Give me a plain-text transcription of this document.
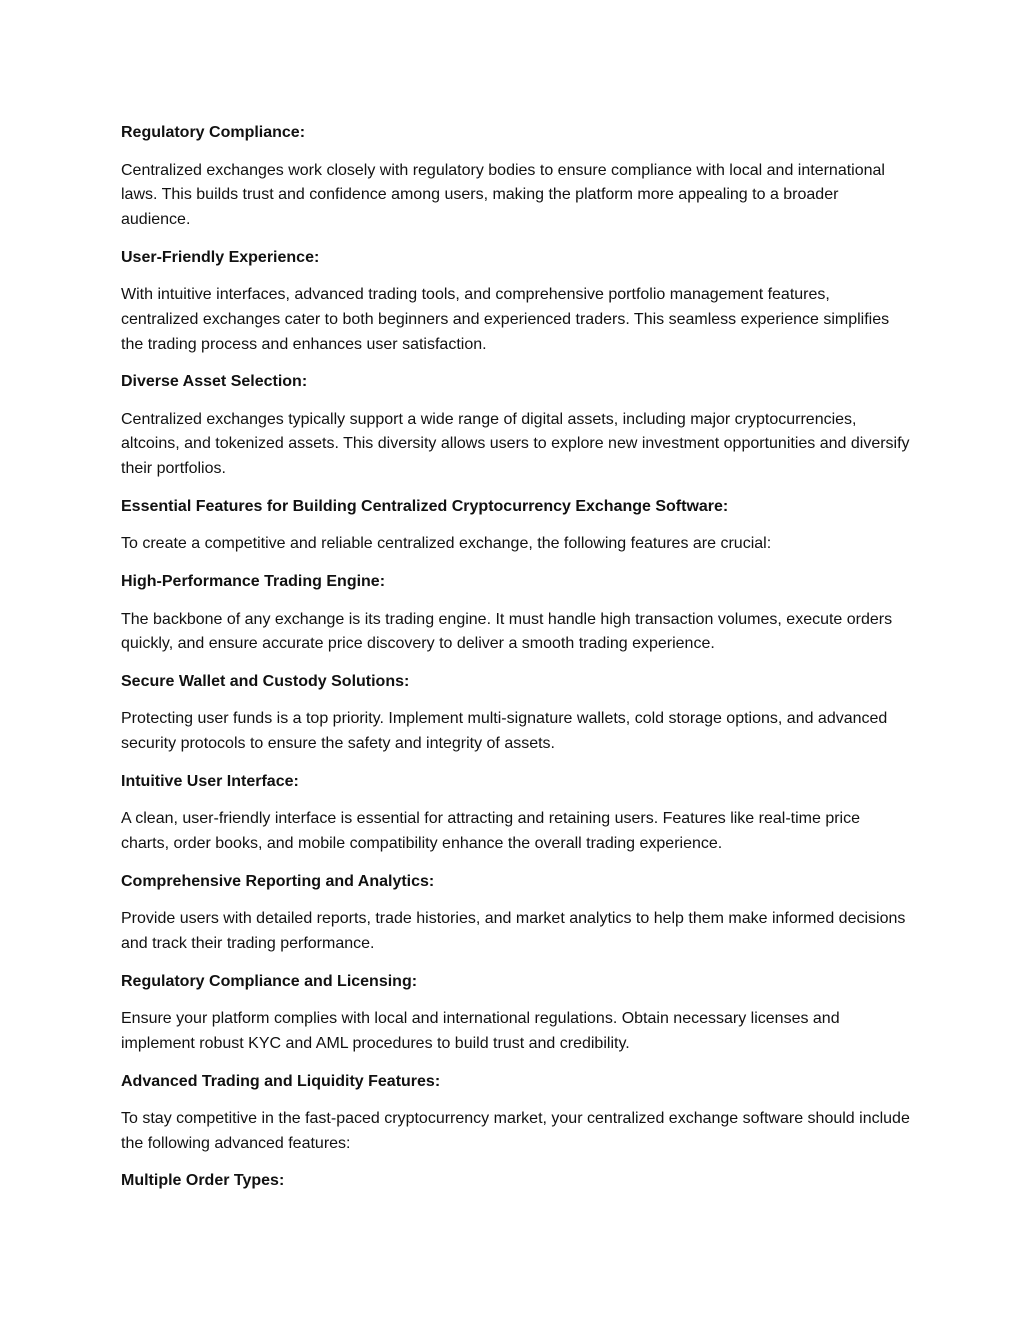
Regulatory Compliance:
Centralized exchanges work closely with regulatory bodies to ensure compliance with local and international laws. This builds trust and confidence among users, making the platform more appealing to a broader audience.
User-Friendly Experience:
With intuitive interfaces, advanced trading tools, and comprehensive portfolio management features, centralized exchanges cater to both beginners and experienced traders. This seamless experience simplifies the trading process and enhances user satisfaction.
Diverse Asset Selection:
Centralized exchanges typically support a wide range of digital assets, including major cryptocurrencies, altcoins, and tokenized assets. This diversity allows users to explore new investment opportunities and diversify their portfolios.
Essential Features for Building Centralized Cryptocurrency Exchange Software:
To create a competitive and reliable centralized exchange, the following features are crucial:
High-Performance Trading Engine:
The backbone of any exchange is its trading engine. It must handle high transaction volumes, execute orders quickly, and ensure accurate price discovery to deliver a smooth trading experience.
Secure Wallet and Custody Solutions:
Protecting user funds is a top priority. Implement multi-signature wallets, cold storage options, and advanced security protocols to ensure the safety and integrity of assets.
Intuitive User Interface:
A clean, user-friendly interface is essential for attracting and retaining users. Features like real-time price charts, order books, and mobile compatibility enhance the overall trading experience.
Comprehensive Reporting and Analytics:
Provide users with detailed reports, trade histories, and market analytics to help them make informed decisions and track their trading performance.
Regulatory Compliance and Licensing:
Ensure your platform complies with local and international regulations. Obtain necessary licenses and implement robust KYC and AML procedures to build trust and credibility.
Advanced Trading and Liquidity Features:
To stay competitive in the fast-paced cryptocurrency market, your centralized exchange software should include the following advanced features:
Multiple Order Types:
